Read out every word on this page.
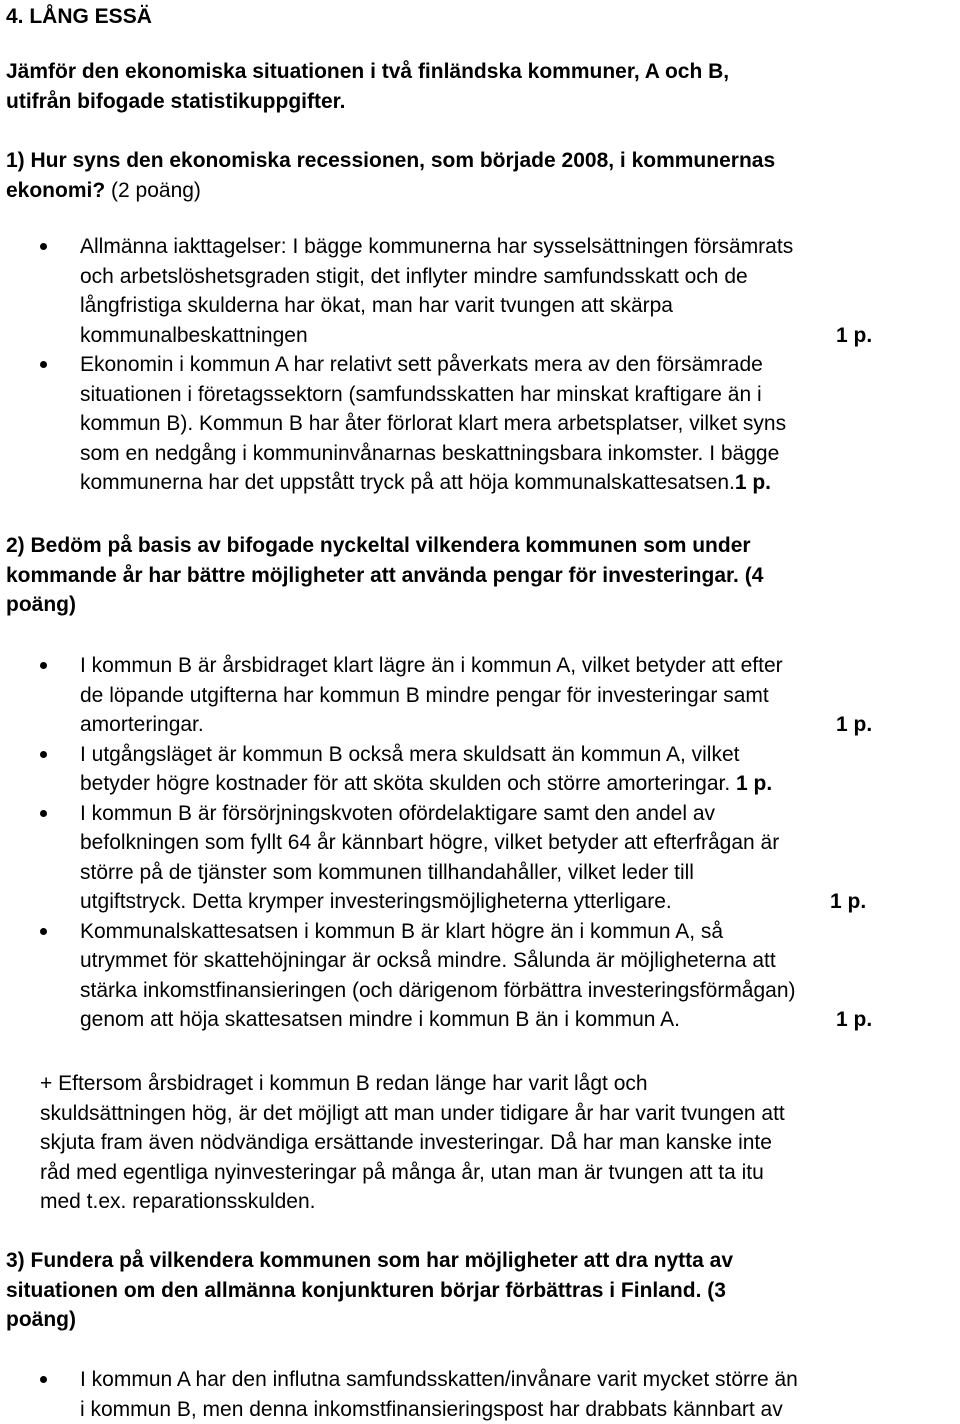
4. LÅNG ESSÄ
Jämför den ekonomiska situationen i två finländska kommuner, A och B,
utifrån bifogade statistikuppgifter.
1) Hur syns den ekonomiska recessionen, som började 2008, i kommunernas
ekonomi? (2 poäng)
Allmänna iakttagelser: I bägge kommunerna har sysselsättningen försämrats
och arbetslöshetsgraden stigit, det inflyter mindre samfundsskatt och de
långfristiga skulderna har ökat, man har varit tvungen att skärpa
kommunalbeskattningen	1 p.
Ekonomin i kommun A har relativt sett påverkats mera av den försämrade
situationen i företagssektorn (samfundsskatten har minskat kraftigare än i
kommun B). Kommun B har åter förlorat klart mera arbetsplatser, vilket syns
som en nedgång i kommuninvånarnas beskattningsbara inkomster. I bägge
kommunerna har det uppstått tryck på att höja kommunalskattesatsen.1 p.
2) Bedöm på basis av bifogade nyckeltal vilkendera kommunen som under
kommande år har bättre möjligheter att använda pengar för investeringar. (4
poäng)
I kommun B är årsbidraget klart lägre än i kommun A, vilket betyder att efter
de löpande utgifterna har kommun B mindre pengar för investeringar samt
amorteringar.	1 p.
I utgångsläget är kommun B också mera skuldsatt än kommun A, vilket
betyder högre kostnader för att sköta skulden och större amorteringar. 1 p.
I kommun B är försörjningskvoten ofördelaktigare samt den andel av
befolkningen som fyllt 64 år kännbart högre, vilket betyder att efterfrågan är
större på de tjänster som kommunen tillhandahåller, vilket leder till
utgiftstryck. Detta krymper investeringsmöjligheterna ytterligare.	1 p.
Kommunalskattesatsen i kommun B är klart högre än i kommun A, så
utrymmet för skattehöjningar är också mindre. Sålunda är möjligheterna att
stärka inkomstfinansieringen (och därigenom förbättra investeringsförmågan)
genom att höja skattesatsen mindre i kommun B än i kommun A.	1 p.
+ Eftersom årsbidraget i kommun B redan länge har varit lågt och
skuldsättningen hög, är det möjligt att man under tidigare år har varit tvungen att
skjuta fram även nödvändiga ersättande investeringar. Då har man kanske inte
råd med egentliga nyinvesteringar på många år, utan man är tvungen att ta itu
med t.ex. reparationsskulden.
3) Fundera på vilkendera kommunen som har möjligheter att dra nytta av
situationen om den allmänna konjunkturen börjar förbättras i Finland. (3
poäng)
I kommun A har den influtna samfundsskatten/invånare varit mycket större än
i kommun B, men denna inkomstfinansieringspost har drabbats kännbart av
